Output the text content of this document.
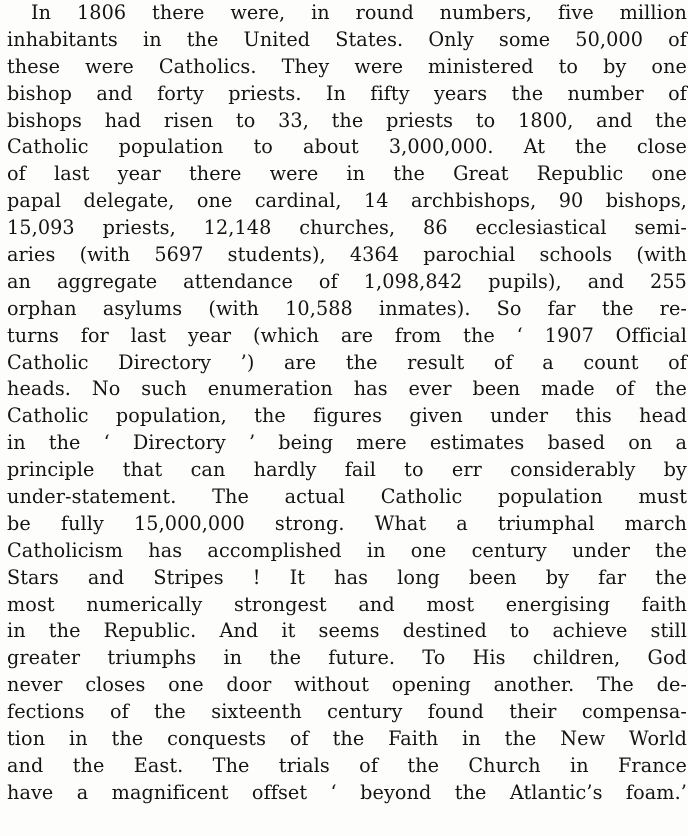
In 1806 there were, in round numbers, five million
inhabitants in the United States. Only some 50,000 of
these were Catholics. They were ministered to by one
bishop and forty priests. In fifty years the number of
bishops had risen to 33, the priests to 1800, and the
Catholic population to about 3,000,000. At the close
of last year there were in the Great Republic one
papal delegate, one cardinal, 14 archbishops, 90 bishops,
15,093 priests, 12,148 churches, 86 ecclesiastical semi-
aries (with 5697 students), 4364 parochial schools (with
an aggregate attendance of 1,098,842 pupils), and 255
orphan asylums (with 10,588 inmates). So far the re-
turns for last year (which are from the ‘ 1907 Official
Catholic Directory ’) are the result of a count of
heads. No such enumeration has ever been made of the
Catholic population, the figures given under this head
in the ‘ Directory ’ being mere estimates based on a
principle that can hardly fail to err considerably by
under-statement. The actual Catholic population must
be fully 15,000,000 strong. What a triumphal march
Catholicism has accomplished in one century under the
Stars and Stripes ! It has long been by far the
most numerically strongest and most energising faith
in the Republic. And it seems destined to achieve still
greater triumphs in the future. To His children, God
never closes one door without opening another. The de-
fections of the sixteenth century found their compensa-
tion in the conquests of the Faith in the New World
and the East. The trials of the Church in France
have a magnificent offset ‘ beyond the Atlantic’s foam.’
